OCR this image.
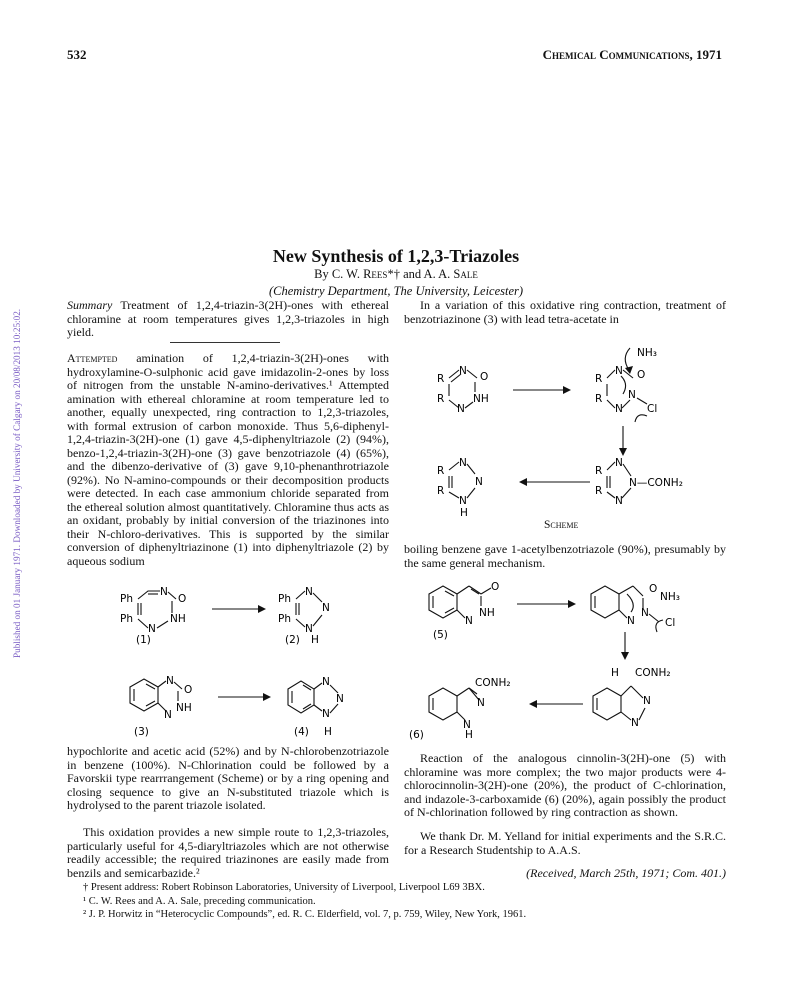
532	Chemical Communications, 1971
Published on 01 January 1971. Downloaded by University of Calgary on 20/08/2013 10:25:02.
New Synthesis of 1,2,3-Triazoles
By C. W. Rees*† and A. A. Sale
(Chemistry Department, The University, Leicester)
Summary Treatment of 1,2,4-triazin-3(2H)-ones with ethereal chloramine at room temperatures gives 1,2,3-triazoles in high yield.
Attempted amination of 1,2,4-triazin-3(2H)-ones with hydroxylamine-O-sulphonic acid gave imidazolin-2-ones by loss of nitrogen from the unstable N-amino-derivatives.¹ Attempted amination with ethereal chloramine at room temperature led to another, equally unexpected, ring contraction to 1,2,3-triazoles, with formal extrusion of carbon monoxide. Thus 5,6-diphenyl-1,2,4-triazin-3(2H)-one (1) gave 4,5-diphenyltriazole (2) (94%), benzo-1,2,4-triazin-3(2H)-one (3) gave benzotriazole (4) (65%), and the dibenzo-derivative of (3) gave 9,10-phenanthrotriazole (92%). No N-amino-compounds or their decomposition products were detected. In each case ammonium chloride separated from the ethereal solution almost quantitatively. Chloramine thus acts as an oxidant, probably by initial conversion of the triazinones into their N-chloro-derivatives. This is supported by the similar conversion of diphenyltriazinone (1) into diphenyltriazole (2) by aqueous sodium
Ph
Ph
N
O
NH
N
(1)
Ph
Ph
N
N
N
H
(2)
N
O
NH
N
(3)
N
N
N
H
(4)
hypochlorite and acetic acid (52%) and by N-chlorobenzotriazole in benzene (100%). N-Chlorination could be followed by a Favorskii type rearrrangement (Scheme) or by a ring opening and closing sequence to give an N-substituted triazole which is hydrolysed to the parent triazole isolated.
This oxidation provides a new simple route to 1,2,3-triazoles, particularly useful for 4,5-diaryltriazoles which are not otherwise readily accessible; the required triazinones are easily made from benzils and semicarbazide.²
In a variation of this oxidative ring contraction, treatment of benzotriazinone (3) with lead tetra-acetate in
R
R
N O
NH
N
NH₃
R
R
N O
N
N
Cl
R
R
N
N—CONH₂
N
R
R
N
N
N
H
Scheme
boiling benzene gave 1-acetylbenzotriazole (90%), presumably by the same general mechanism.
O
NH
N
(5)
O
NH₃
N
N	Cl
H CONH₂
N
N
CONH₂
N
N
H
(6)
Reaction of the analogous cinnolin-3(2H)-one (5) with chloramine was more complex; the two major products were 4-chlorocinnolin-3(2H)-one (20%), the product of C-chlorination, and indazole-3-carboxamide (6) (20%), again possibly the product of N-chlorination followed by ring contraction as shown.
We thank Dr. M. Yelland for initial experiments and the S.R.C. for a Research Studentship to A.A.S.
(Received, March 25th, 1971; Com. 401.)
† Present address: Robert Robinson Laboratories, University of Liverpool, Liverpool L69 3BX.
¹ C. W. Rees and A. A. Sale, preceding communication.
² J. P. Horwitz in “Heterocyclic Compounds”, ed. R. C. Elderfield, vol. 7, p. 759, Wiley, New York, 1961.
